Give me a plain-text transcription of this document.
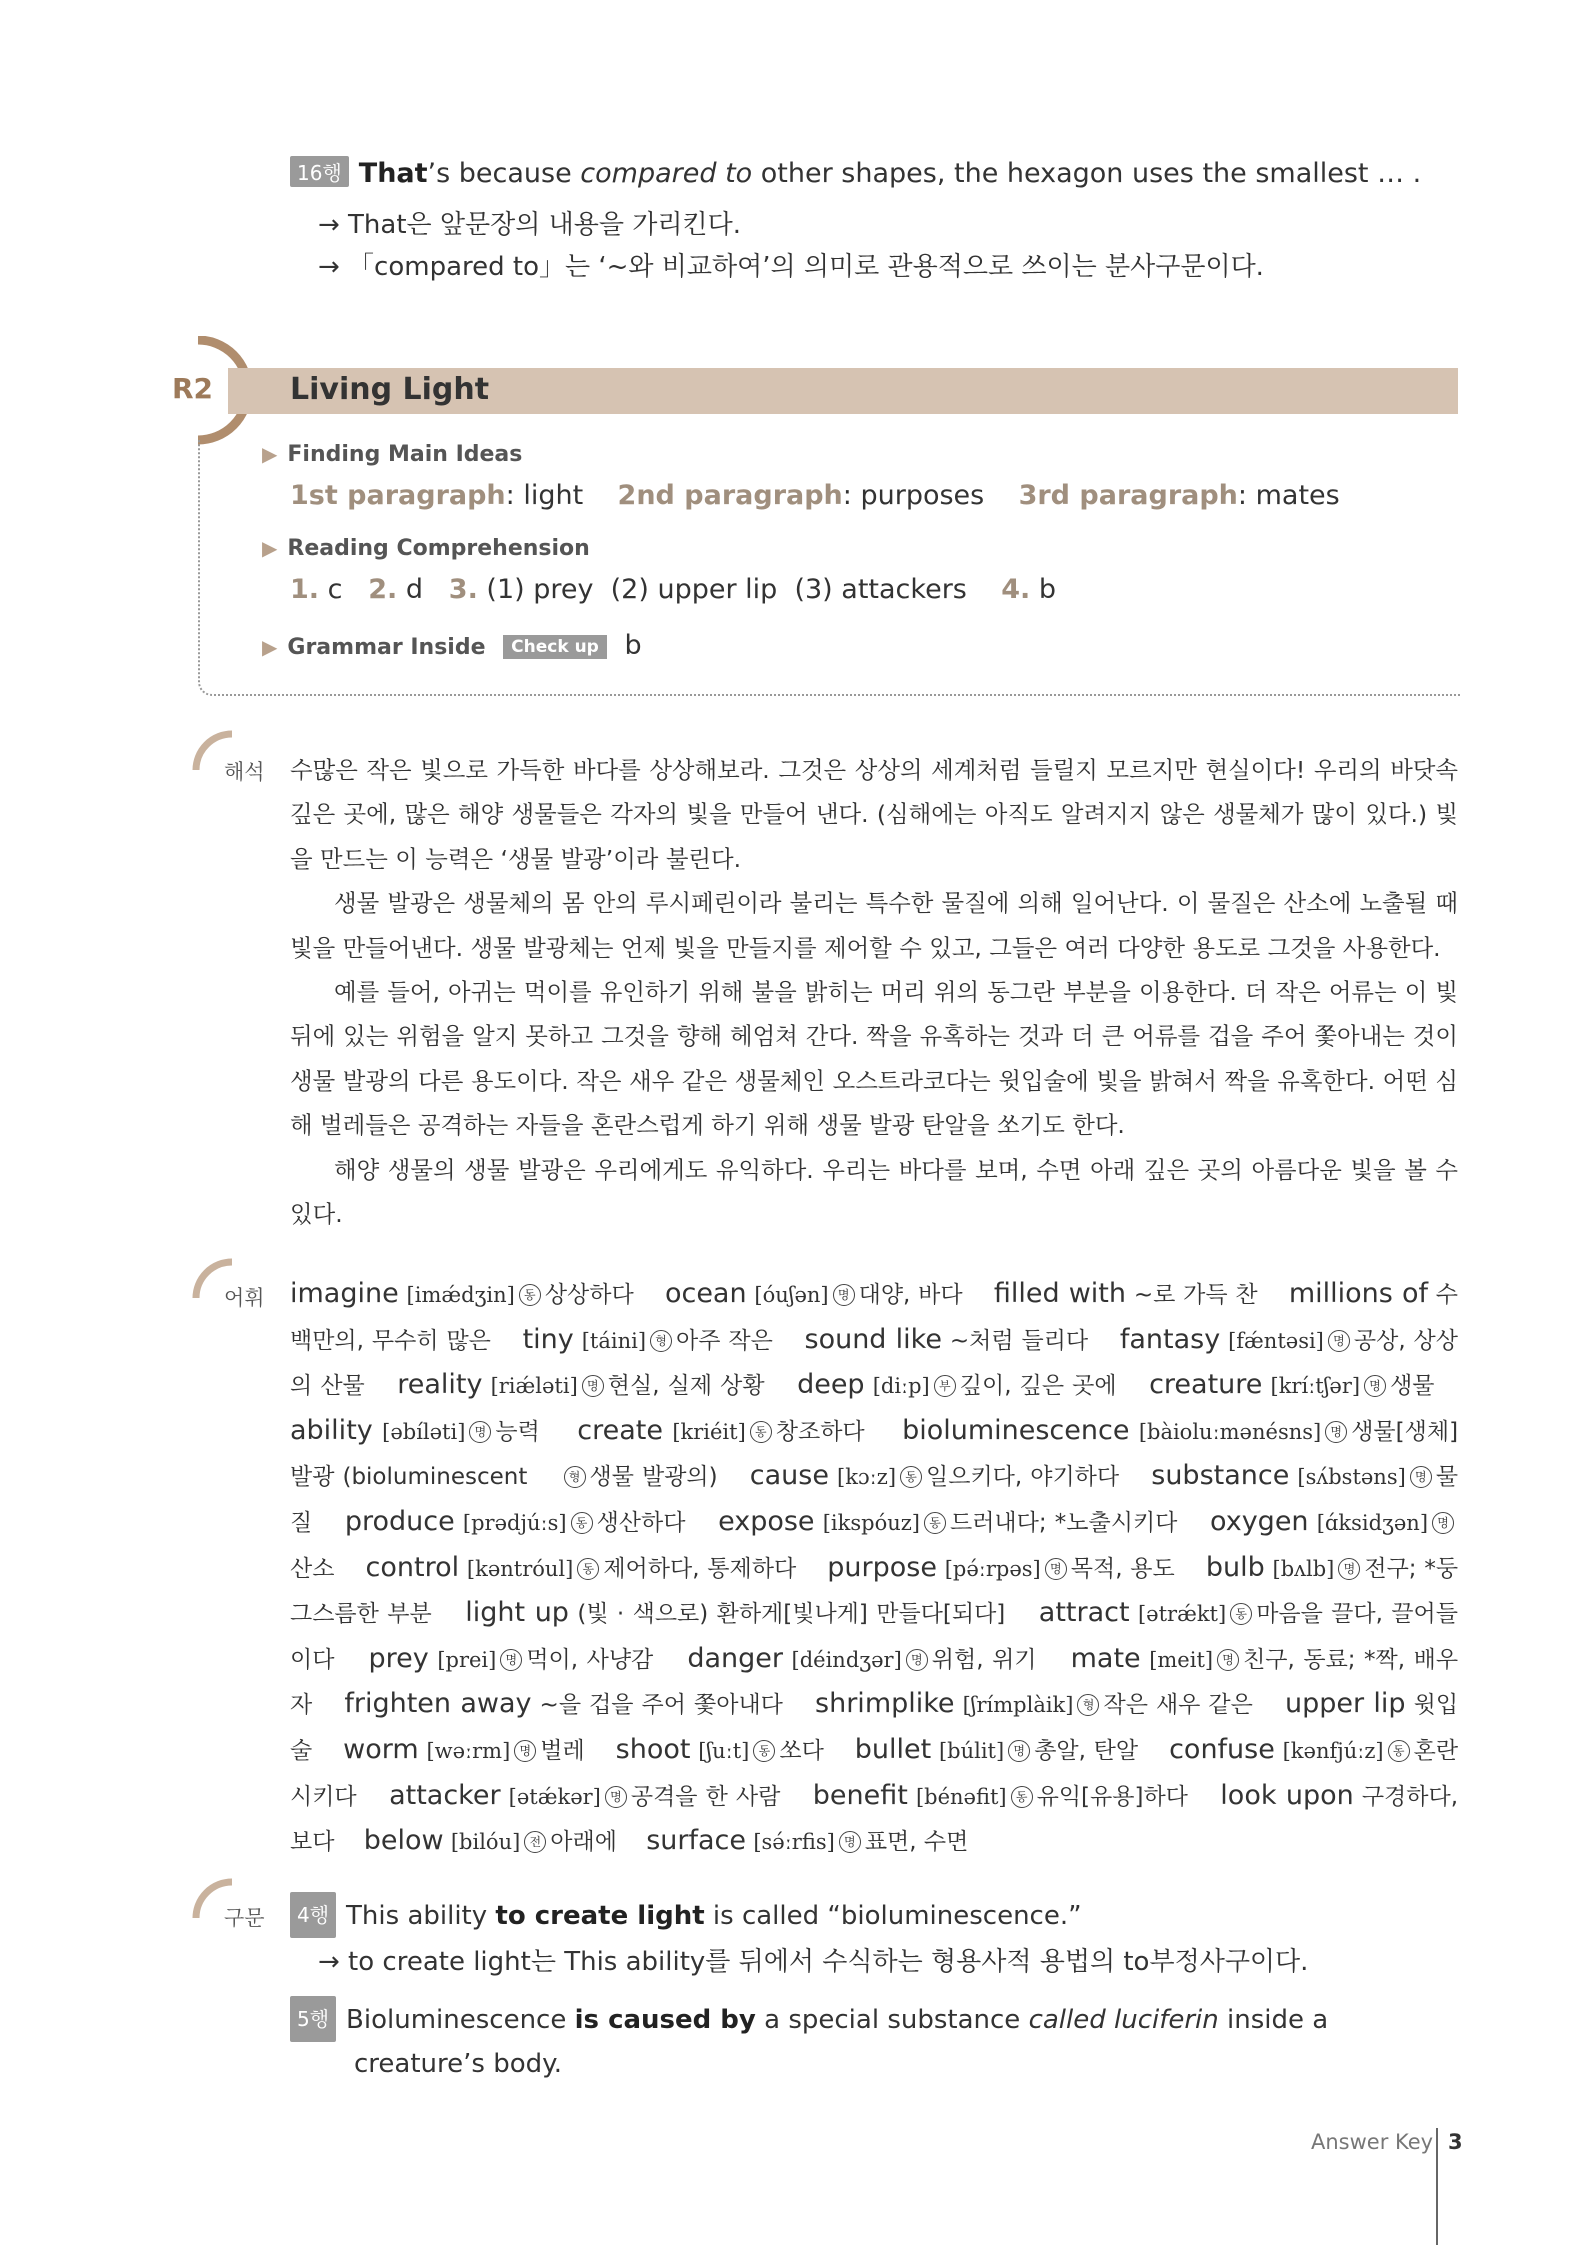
16행 That’s because compared to other shapes, the hexagon uses the smallest … .
→ That은 앞문장의 내용을 가리킨다.
→ 「compared to」는 ‘~와 비교하여’의 의미로 관용적으로 쓰이는 분사구문이다.
R2	Living Light
▶ Finding Main Ideas
1st paragraph: light 2nd paragraph: purposes 3rd paragraph: mates
▶ Reading Comprehension
1. c 2. d 3. (1) prey  (2) upper lip  (3) attackers 4. b
▶ Grammar Inside Check up b
해석 수많은 작은 빛으로 가득한 바다를 상상해보라. 그것은 상상의 세계처럼 들릴지 모르지만 현실이다! 우리의 바닷속 깊은 곳에, 많은 해양 생물들은 각자의 빛을 만들어 낸다. (심해에는 아직도 알려지지 않은 생물체가 많이 있다.) 빛을 만드는 이 능력은 ‘생물 발광’이라 불린다.

생물 발광은 생물체의 몸 안의 루시페린이라 불리는 특수한 물질에 의해 일어난다. 이 물질은 산소에 노출될 때 빛을 만들어낸다. 생물 발광체는 언제 빛을 만들지를 제어할 수 있고, 그들은 여러 다양한 용도로 그것을 사용한다.

예를 들어, 아귀는 먹이를 유인하기 위해 불을 밝히는 머리 위의 동그란 부분을 이용한다. 더 작은 어류는 이 빛 뒤에 있는 위험을 알지 못하고 그것을 향해 헤엄쳐 간다. 짝을 유혹하는 것과 더 큰 어류를 겁을 주어 쫓아내는 것이 생물 발광의 다른 용도이다. 작은 새우 같은 생물체인 오스트라코다는 윗입술에 빛을 밝혀서 짝을 유혹한다. 어떤 심해 벌레들은 공격하는 자들을 혼란스럽게 하기 위해 생물 발광 탄알을 쏘기도 한다.

해양 생물의 생물 발광은 우리에게도 유익하다. 우리는 바다를 보며, 수면 아래 깊은 곳의 아름다운 빛을 볼 수 있다.

어휘 imagine [imǽdʒin] 동 상상하다 ocean [óuʃən] 명 대양, 바다 filled with ~로 가득 찬 millions of 수백만의, 무수히 많은 tiny [táini] 형 아주 작은 sound like ~처럼 들리다 fantasy [fǽntəsi] 명 공상, 상상의 산물 reality [riǽləti] 명 현실, 실제 상황 deep [diːp] 부 깊이, 깊은 곳에 creature [kríːtʃər] 명 생물    ability [əbíləti] 명 능력 create [kriéit] 동 창조하다 bioluminescence [bàioluːmənésns] 명 생물[생체] 발광 (bioluminescent	형 생물 발광의) cause [kɔːz] 동 일으키다, 야기하다 substance [sʌ́bstəns] 명 물질 produce [prədjúːs] 동 생산하다 expose [ikspóuz] 동 드러내다; *노출시키다 oxygen [ɑ́ksidʒən] 명산소 control [kəntróul] 동 제어하다, 통제하다 purpose [pə́ːrpəs] 명 목적, 용도 bulb [bʌlb] 명 전구; *둥그스름한 부분 light up (빛 · 색으로) 환하게[빛나게] 만들다[되다] attract [ətrǽkt] 동 마음을 끌다, 끌어들이다 prey [prei] 명 먹이, 사냥감 danger [déindʒər] 명 위험, 위기 mate [meit] 명 친구, 동료; *짝, 배우자 frighten away ~을 겁을 주어 쫓아내다 shrimplike [ʃrímplàik] 형 작은 새우 같은 upper lip 윗입술 worm [wəːrm] 명 벌레 shoot [ʃuːt] 동 쏘다 bullet [búlit] 명 총알, 탄알 confuse [kənfjúːz] 동 혼란시키다 attacker [ətǽkər] 명 공격을 한 사람 benefit [bénəfit] 동 유익[유용]하다 look upon 구경하다, 보다 below [bilóu] 전 아래에 surface [sə́ːrfis] 명 표면, 수면
구문	4행 This ability to create light is called “bioluminescence.”
→ to create light는 This ability를 뒤에서 수식하는 형용사적 용법의 to부정사구이다.
5행 Bioluminescence is caused by a special substance called luciferin inside a creature’s body.
Answer Key 3
